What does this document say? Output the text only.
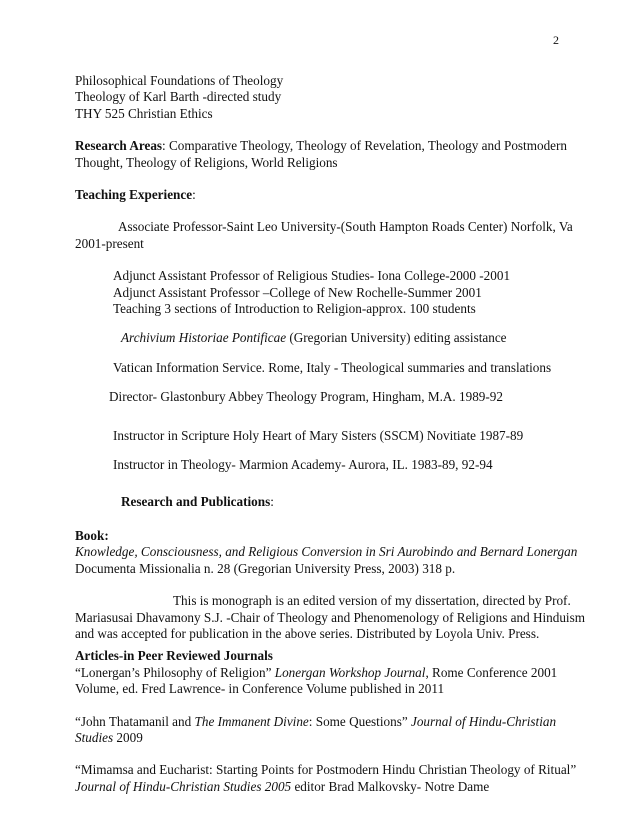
2
Philosophical Foundations of Theology
Theology of Karl Barth -directed study
THY 525 Christian Ethics
Research Areas: Comparative Theology, Theology of Revelation, Theology and Postmodern Thought, Theology of Religions, World Religions
Teaching Experience:
Associate Professor-Saint Leo University-(South Hampton Roads Center) Norfolk, Va
2001-present
Adjunct Assistant Professor of Religious Studies- Iona College-2000 -2001
Adjunct Assistant Professor –College of New Rochelle-Summer 2001
Teaching 3 sections of Introduction to Religion-approx. 100 students
Archivium Historiae Pontificae (Gregorian University) editing assistance
Vatican Information Service. Rome, Italy - Theological summaries and translations
Director- Glastonbury Abbey Theology Program, Hingham, M.A. 1989-92
Instructor in Scripture Holy Heart of Mary Sisters (SSCM) Novitiate 1987-89
Instructor in Theology- Marmion Academy- Aurora, IL. 1983-89, 92-94
Research and Publications:
Book:
Knowledge, Consciousness, and Religious Conversion in Sri Aurobindo and Bernard Lonergan
Documenta Missionalia n. 28 (Gregorian University Press, 2003) 318 p.
This is monograph is an edited version of my dissertation, directed by Prof.
Mariasusai Dhavamony S.J. -Chair of Theology and Phenomenology of Religions and Hinduism
and was accepted for publication in the above series. Distributed by Loyola Univ. Press.
Articles-in Peer Reviewed Journals
“Lonergan’s Philosophy of Religion” Lonergan Workshop Journal, Rome Conference 2001
Volume, ed. Fred Lawrence- in Conference Volume published in 2011
“John Thatamanil and The Immanent Divine: Some Questions” Journal of Hindu-Christian
Studies 2009
“Mimamsa and Eucharist: Starting Points for Postmodern Hindu Christian Theology of Ritual”
Journal of Hindu-Christian Studies 2005 editor Brad Malkovsky- Notre Dame
